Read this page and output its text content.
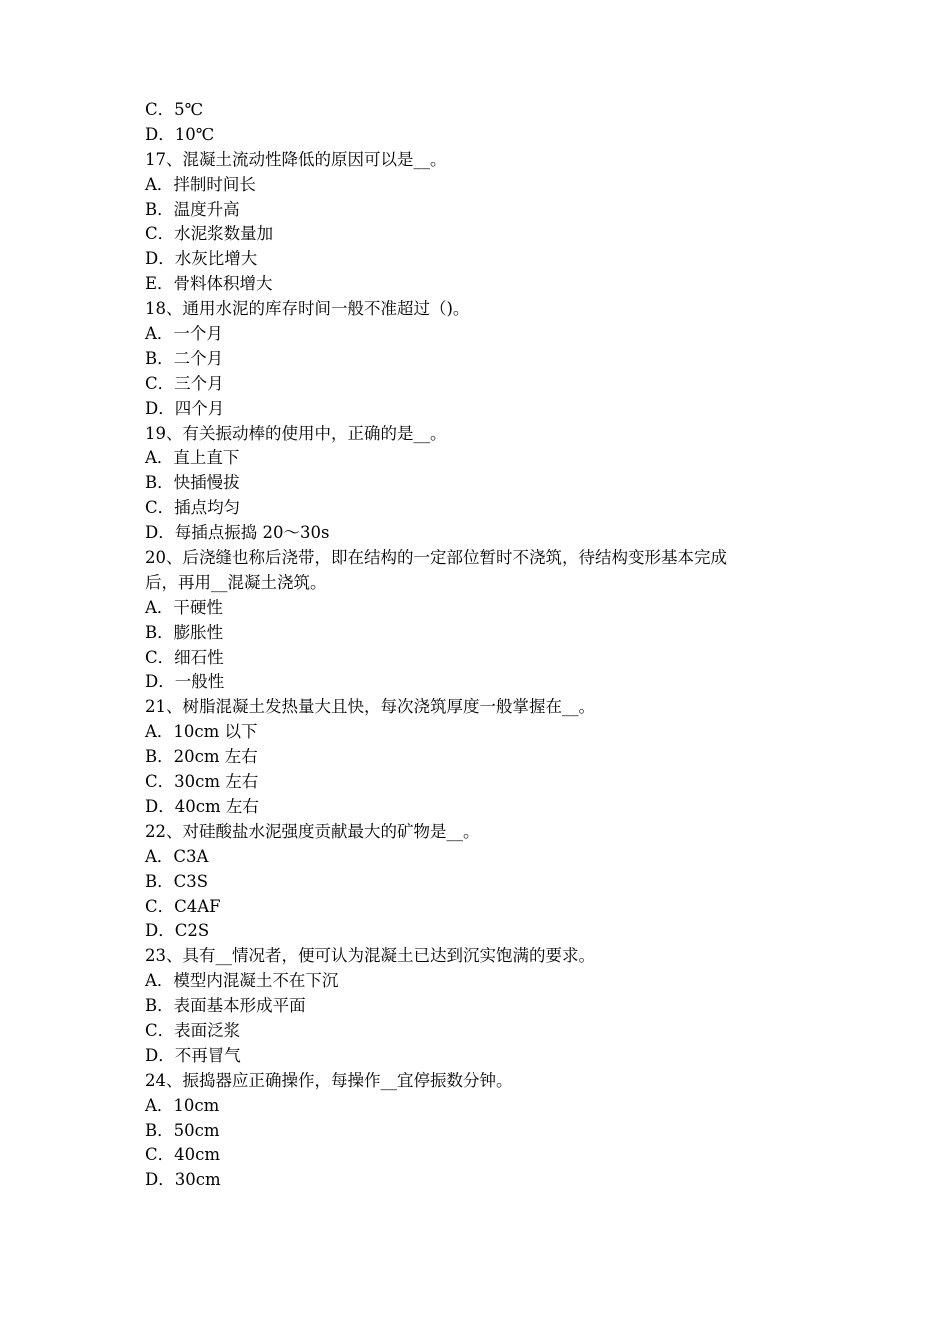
C．5℃
D．10℃
17、混凝土流动性降低的原因可以是__。
A．拌制时间长
B．温度升高
C．水泥浆数量加
D．水灰比增大
E．骨料体积增大
18、通用水泥的库存时间一般不准超过（)。
A．一个月
B．二个月
C．三个月
D．四个月
19、有关振动棒的使用中，正确的是__。
A．直上直下
B．快插慢拔
C．插点均匀
D．每插点振捣 20～30s
20、后浇缝也称后浇带，即在结构的一定部位暂时不浇筑，待结构变形基本完成
后，再用__混凝土浇筑。
A．干硬性
B．膨胀性
C．细石性
D．一般性
21、树脂混凝土发热量大且快，每次浇筑厚度一般掌握在__。
A．10cm 以下
B．20cm 左右
C．30cm 左右
D．40cm 左右
22、对硅酸盐水泥强度贡献最大的矿物是__。
A．C3A
B．C3S
C．C4AF
D．C2S
23、具有__情况者，便可认为混凝土已达到沉实饱满的要求。
A．模型内混凝土不在下沉
B．表面基本形成平面
C．表面泛浆
D．不再冒气
24、振捣器应正确操作，每操作__宜停振数分钟。
A．10cm
B．50cm
C．40cm
D．30cm
